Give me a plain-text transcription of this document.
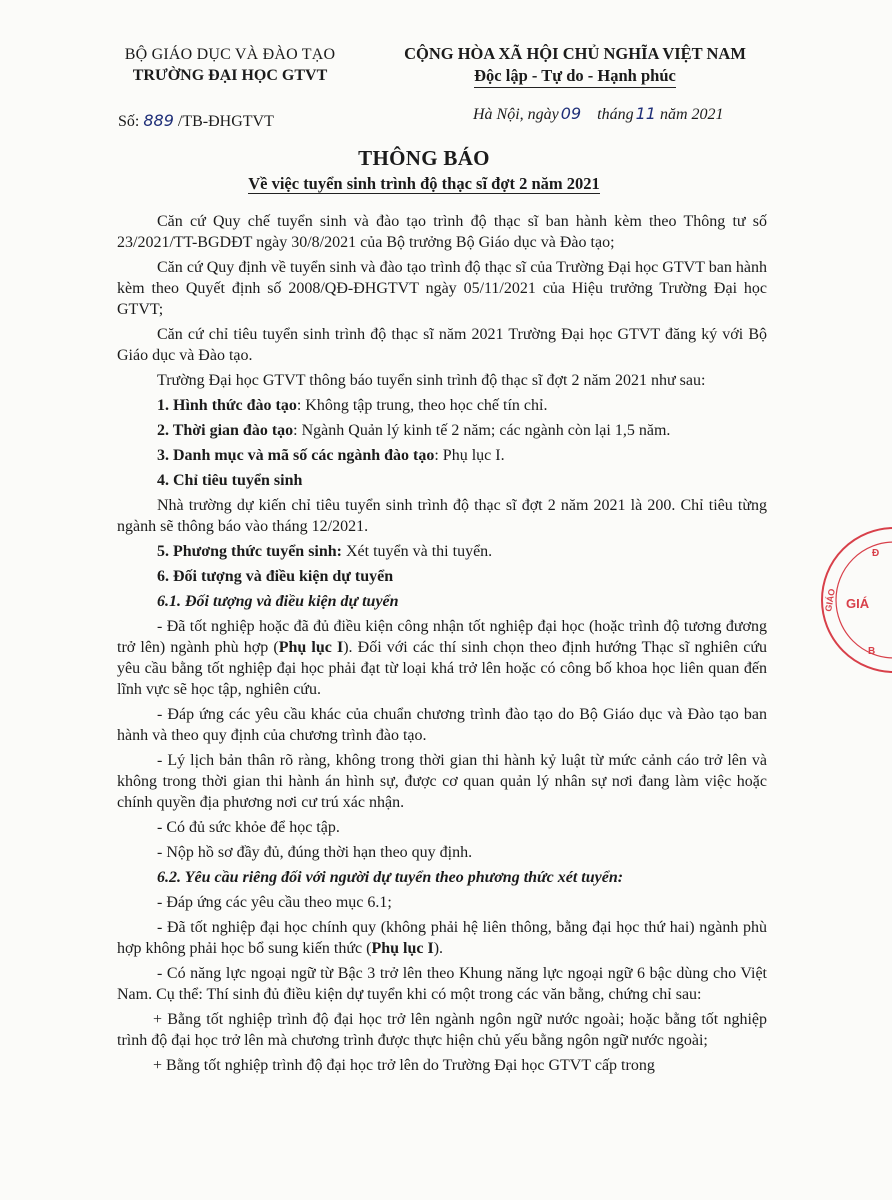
BỘ GIÁO DỤC VÀ ĐÀO TẠO
TRƯỜNG ĐẠI HỌC GTVT
CỘNG HÒA XÃ HỘI CHỦ NGHĨA VIỆT NAM
Độc lập - Tự do - Hạnh phúc
Số: 889 /TB-ĐHGTVT	Hà Nội, ngày 09 tháng 11 năm 2021
THÔNG BÁO
Về việc tuyển sinh trình độ thạc sĩ đợt 2 năm 2021

Căn cứ Quy chế tuyển sinh và đào tạo trình độ thạc sĩ ban hành kèm theo Thông tư số 23/2021/TT-BGDĐT ngày 30/8/2021 của Bộ trưởng Bộ Giáo dục và Đào tạo;

Căn cứ Quy định về tuyển sinh và đào tạo trình độ thạc sĩ của Trường Đại học GTVT ban hành kèm theo Quyết định số 2008/QĐ-ĐHGTVT ngày 05/11/2021 của Hiệu trưởng Trường Đại học GTVT;

Căn cứ chỉ tiêu tuyển sinh trình độ thạc sĩ năm 2021 Trường Đại học GTVT đăng ký với Bộ Giáo dục và Đào tạo.

Trường Đại học GTVT thông báo tuyển sinh trình độ thạc sĩ đợt 2 năm 2021 như sau:

1. Hình thức đào tạo: Không tập trung, theo học chế tín chỉ.

2. Thời gian đào tạo: Ngành Quản lý kinh tế 2 năm; các ngành còn lại 1,5 năm.

3. Danh mục và mã số các ngành đào tạo: Phụ lục I.

4. Chỉ tiêu tuyển sinh

Nhà trường dự kiến chỉ tiêu tuyển sinh trình độ thạc sĩ đợt 2 năm 2021 là 200. Chỉ tiêu từng ngành sẽ thông báo vào tháng 12/2021.

5. Phương thức tuyển sinh: Xét tuyển và thi tuyển.

6. Đối tượng và điều kiện dự tuyển

6.1. Đối tượng và điều kiện dự tuyển

- Đã tốt nghiệp hoặc đã đủ điều kiện công nhận tốt nghiệp đại học (hoặc trình độ tương đương trở lên) ngành phù hợp (Phụ lục I). Đối với các thí sinh chọn theo định hướng Thạc sĩ nghiên cứu yêu cầu bằng tốt nghiệp đại học phải đạt từ loại khá trở lên hoặc có công bố khoa học liên quan đến lĩnh vực sẽ học tập, nghiên cứu.

- Đáp ứng các yêu cầu khác của chuẩn chương trình đào tạo do Bộ Giáo dục và Đào tạo ban hành và theo quy định của chương trình đào tạo.

- Lý lịch bản thân rõ ràng, không trong thời gian thi hành kỷ luật từ mức cảnh cáo trở lên và không trong thời gian thi hành án hình sự, được cơ quan quản lý nhân sự nơi đang làm việc hoặc chính quyền địa phương nơi cư trú xác nhận.

- Có đủ sức khỏe để học tập.

- Nộp hồ sơ đầy đủ, đúng thời hạn theo quy định.

6.2. Yêu cầu riêng đối với người dự tuyển theo phương thức xét tuyển:

- Đáp ứng các yêu cầu theo mục 6.1;

- Đã tốt nghiệp đại học chính quy (không phải hệ liên thông, bằng đại học thứ hai) ngành phù hợp không phải học bổ sung kiến thức (Phụ lục I).

- Có năng lực ngoại ngữ từ Bậc 3 trở lên theo Khung năng lực ngoại ngữ 6 bậc dùng cho Việt Nam. Cụ thể: Thí sinh đủ điều kiện dự tuyển khi có một trong các văn bằng, chứng chỉ sau:

+ Bằng tốt nghiệp trình độ đại học trở lên ngành ngôn ngữ nước ngoài; hoặc bằng tốt nghiệp trình độ đại học trở lên mà chương trình được thực hiện chủ yếu bằng ngôn ngữ nước ngoài;

+ Bằng tốt nghiệp trình độ đại học trở lên do Trường Đại học GTVT cấp trong

Đ
GIÁO GIÁ
B
